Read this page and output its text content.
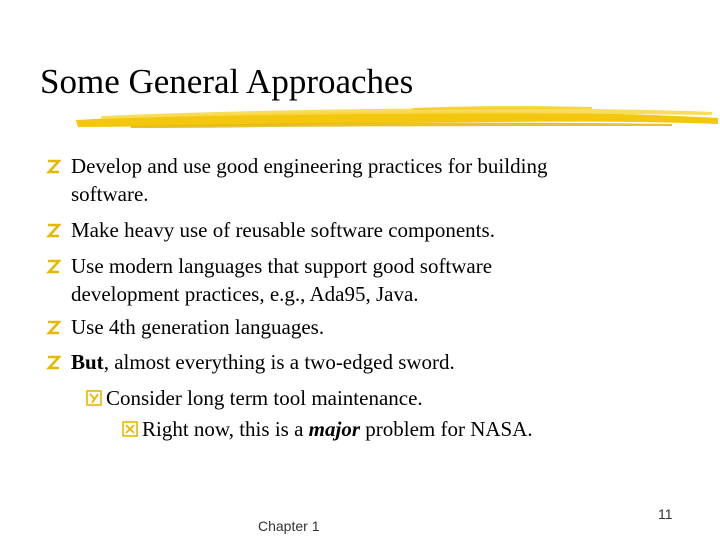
Some General Approaches
Develop and use good engineering practices for building
software.
Make heavy use of reusable software components.
Use modern languages that support good software
development practices, e.g., Ada95, Java.
Use 4th generation languages.
But, almost everything is a two-edged sword.
Consider long term tool maintenance.
Right now, this is a major problem for NASA.
Chapter 1
11
